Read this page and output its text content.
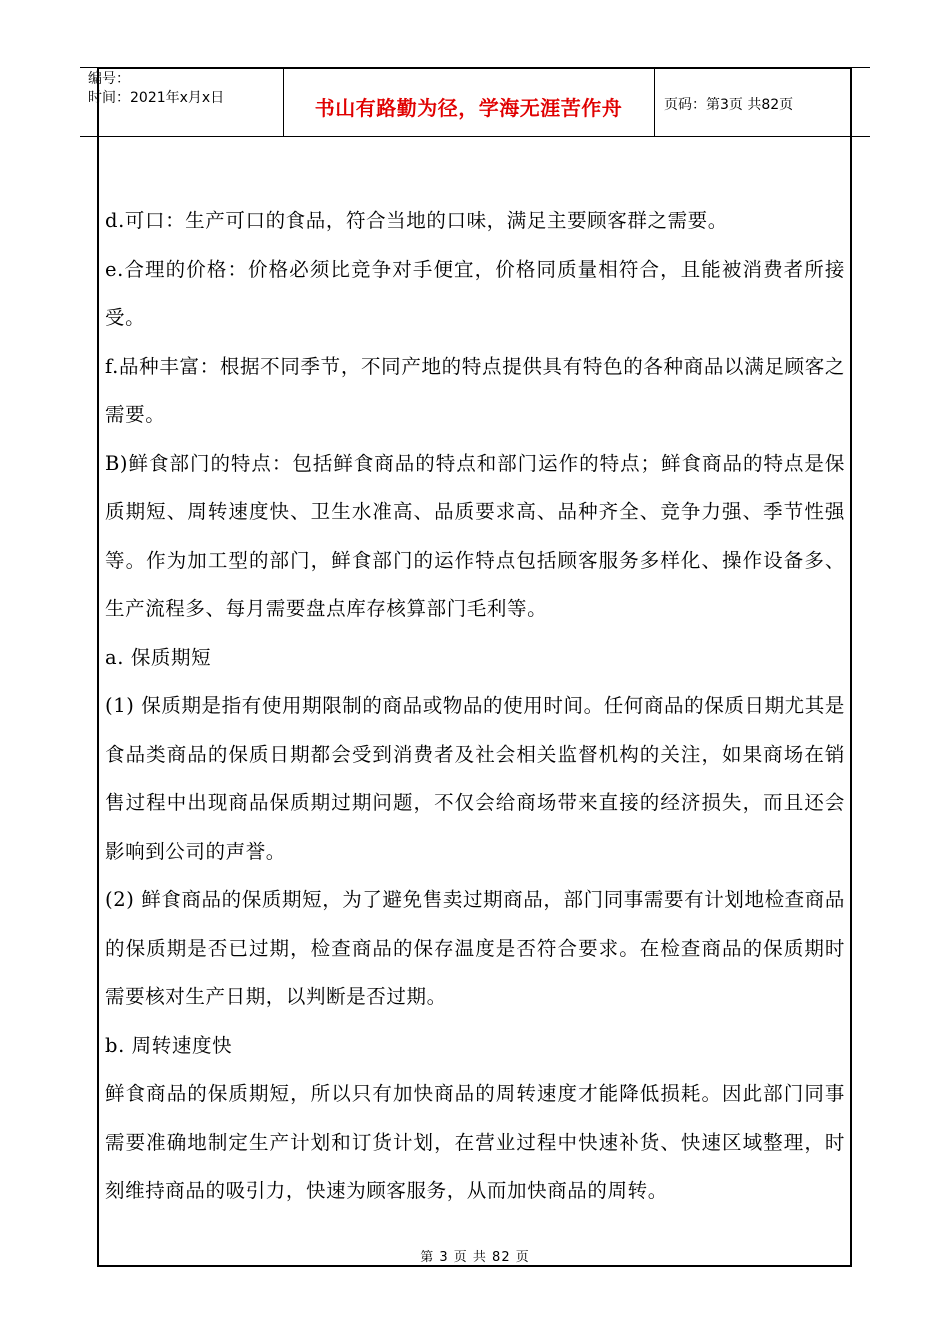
编号：
时间：2021年x月x日	书山有路勤为径，学海无涯苦作舟	页码：第3页 共82页

d.可口：生产可口的食品，符合当地的口味，满足主要顾客群之需要。

e.合理的价格：价格必须比竞争对手便宜，价格同质量相符合，且能被消费者所接受。

f.品种丰富：根据不同季节，不同产地的特点提供具有特色的各种商品以满足顾客之需要。

B)鲜食部门的特点：包括鲜食商品的特点和部门运作的特点；鲜食商品的特点是保质期短、周转速度快、卫生水准高、品质要求高、品种齐全、竞争力强、季节性强等。作为加工型的部门，鲜食部门的运作特点包括顾客服务多样化、操作设备多、生产流程多、每月需要盘点库存核算部门毛利等。

a. 保质期短

(1) 保质期是指有使用期限制的商品或物品的使用时间。任何商品的保质日期尤其是食品类商品的保质日期都会受到消费者及社会相关监督机构的关注，如果商场在销售过程中出现商品保质期过期问题，不仅会给商场带来直接的经济损失，而且还会影响到公司的声誉。

(2) 鲜食商品的保质期短，为了避免售卖过期商品，部门同事需要有计划地检查商品的保质期是否已过期，检查商品的保存温度是否符合要求。在检查商品的保质期时需要核对生产日期，以判断是否过期。

b. 周转速度快

鲜食商品的保质期短，所以只有加快商品的周转速度才能降低损耗。因此部门同事需要准确地制定生产计划和订货计划，在营业过程中快速补货、快速区域整理，时刻维持商品的吸引力，快速为顾客服务，从而加快商品的周转。

第 3 页 共 82 页
